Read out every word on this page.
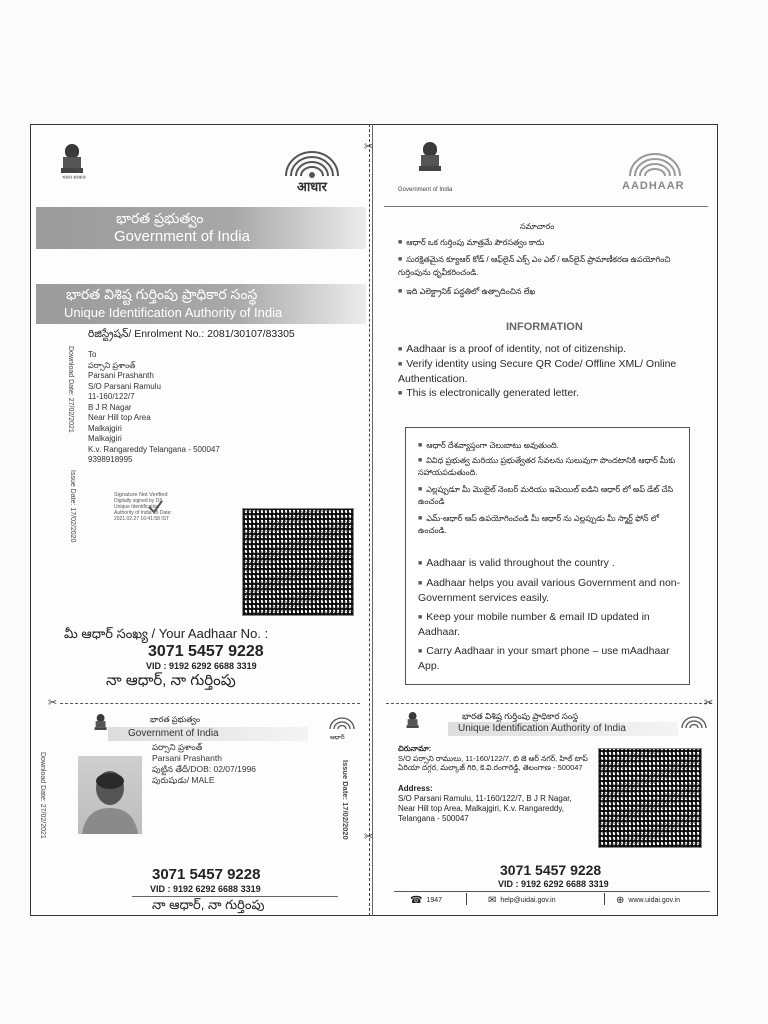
✂
✂
भारत सरकार
आधार
భారత ప్రభుత్వం
Government of India
భారత విశిష్ట గుర్తింపు ప్రాధికార సంస్థ
Unique Identification Authority of India
రిజిస్ట్రేషన్/ Enrolment No.: 2081/30107/83305
Download Date: 27/02/2021
Issue Date: 17/02/2020
To
పర్సాని ప్రశాంత్
Parsani Prashanth
S/O Parsani Ramulu
11-160/122/7
B J R Nagar
Near Hill top Area
Malkajgiri
Malkajgiri
K.v. Rangareddy Telangana - 500047
9398918995
Signature Not Verified
Digitally signed by DS Unique Identification Authority of India 05 Date: 2021.02.27 16:41:58 IST
మీ ఆధార్ సంఖ్య / Your Aadhaar No. :
3071 5457 9228
VID : 9192 6292 6688 3319
నా ఆధార్, నా గుర్తింపు
✂
భారత ప్రభుత్వం
Government of India	ఆధార్
Download Date: 27/02/2021	Issue Date: 17/02/2020
పర్సాని ప్రశాంత్
Parsani Prashanth
పుట్టిన తేదీ/DOB: 02/07/1996
పురుషుడు/ MALE
3071 5457 9228
VID : 9192 6292 6688 3319
నా ఆధార్, నా గుర్తింపు
Government of India	AADHAAR
సమాచారం
■ ఆధార్ ఒక గుర్తింపు మాత్రమే పౌరసత్వం కాదు
■ సురక్షితమైన క్యూఆర్ కోడ్ / ఆఫ్‌లైన్ ఎక్స్ ఎం ఎల్ / ఆన్‌లైన్ ప్రామాణీకరణ ఉపయోగించి గుర్తింపును ధృవీకరించండి.
■ ఇది ఎలెక్ట్రానిక్ పద్ధతిలో ఉత్పాదించిన లేఖ
INFORMATION
■ Aadhaar is a proof of identity, not of citizenship.
■ Verify identity using Secure QR Code/ Offline XML/ Online Authentication.
■ This is electronically generated letter.
■ ఆధార్ దేశవ్యాప్తంగా చెలుబాటు అవుతుంది.
■ వివిధ ప్రభుత్వ మరియు ప్రభుత్వేతర సేవలను సులువుగా పొందటానికి ఆధార్ మీకు సహాయపడుతుంది.
■ ఎల్లప్పుడూ మీ మొబైల్ నెంబర్ మరియు ఇమెయిల్ ఐడిని ఆధార్ లో అప్ డేట్ చేసి ఉంచండి
■ ఎమ్-ఆధార్ ఆప్ ఉపయోగించండి మీ ఆధార్ ను ఎల్లప్పుడు మీ స్మార్ట్ ఫోన్ లో ఉంచండి.
■ Aadhaar is valid throughout the country .
■ Aadhaar helps you avail various Government and non-Government services easily.
■ Keep your mobile number & email ID updated in Aadhaar.
■ Carry Aadhaar in your smart phone – use mAadhaar App.
✂
భారత విశిష్ట గుర్తింపు ప్రాధికార సంస్థ
Unique Identification Authority of India
చిరునామా:
S/O పర్సాని రాములు, 11-160/122/7, బి జె ఆర్ నగర్, హిల్ టాప్ ఏరియా దగ్గర, మల్కాజ్ గిరి, కె.వి.రంగారెడ్డి, తెలంగాణ - 500047
Address:
S/O Parsani Ramulu, 11-160/122/7, B J R Nagar, Near Hill top Area, Malkajgiri, K.v. Rangareddy, Telangana - 500047
3071 5457 9228
VID : 9192 6292 6688 3319
☎ 1947	✉ help@uidai.gov.in	⊕ www.uidai.gov.in
